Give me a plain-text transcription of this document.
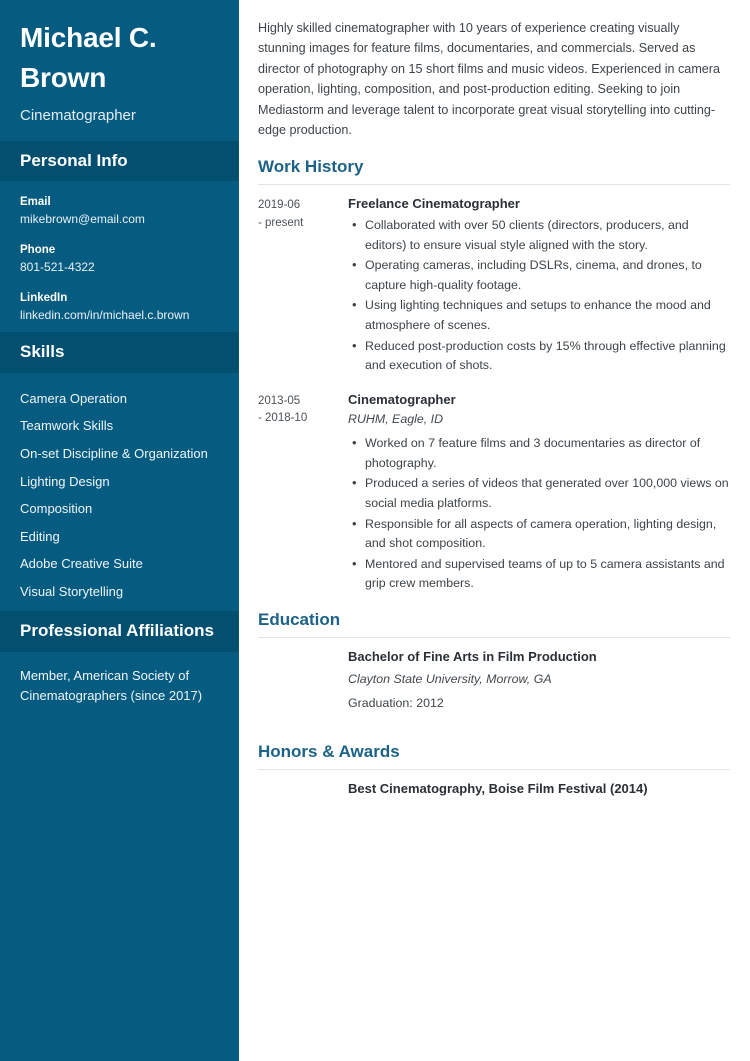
Michael C. Brown
Cinematographer
Personal Info
Email
mikebrown@email.com
Phone
801-521-4322
LinkedIn
linkedin.com/in/michael.c.brown
Skills
Camera Operation
Teamwork Skills
On-set Discipline & Organization
Lighting Design
Composition
Editing
Adobe Creative Suite
Visual Storytelling
Professional Affiliations
Member, American Society of Cinematographers (since 2017)

Highly skilled cinematographer with 10 years of experience creating visually stunning images for feature films, documentaries, and commercials. Served as director of photography on 15 short films and music videos. Experienced in camera operation, lighting, composition, and post-production editing. Seeking to join Mediastorm and leverage talent to incorporate great visual storytelling into cutting-edge production.

Work History
2019-06
- present
Freelance Cinematographer
• Collaborated with over 50 clients (directors, producers, and editors) to ensure visual style aligned with the story.
• Operating cameras, including DSLRs, cinema, and drones, to capture high-quality footage.
• Using lighting techniques and setups to enhance the mood and atmosphere of scenes.
• Reduced post-production costs by 15% through effective planning and execution of shots.
2013-05
- 2018-10
Cinematographer
RUHM, Eagle, ID
• Worked on 7 feature films and 3 documentaries as director of photography.
• Produced a series of videos that generated over 100,000 views on social media platforms.
• Responsible for all aspects of camera operation, lighting design, and shot composition.
• Mentored and supervised teams of up to 5 camera assistants and grip crew members.
Education
Bachelor of Fine Arts in Film Production
Clayton State University, Morrow, GA
Graduation: 2012
Honors & Awards
Best Cinematography, Boise Film Festival (2014)
